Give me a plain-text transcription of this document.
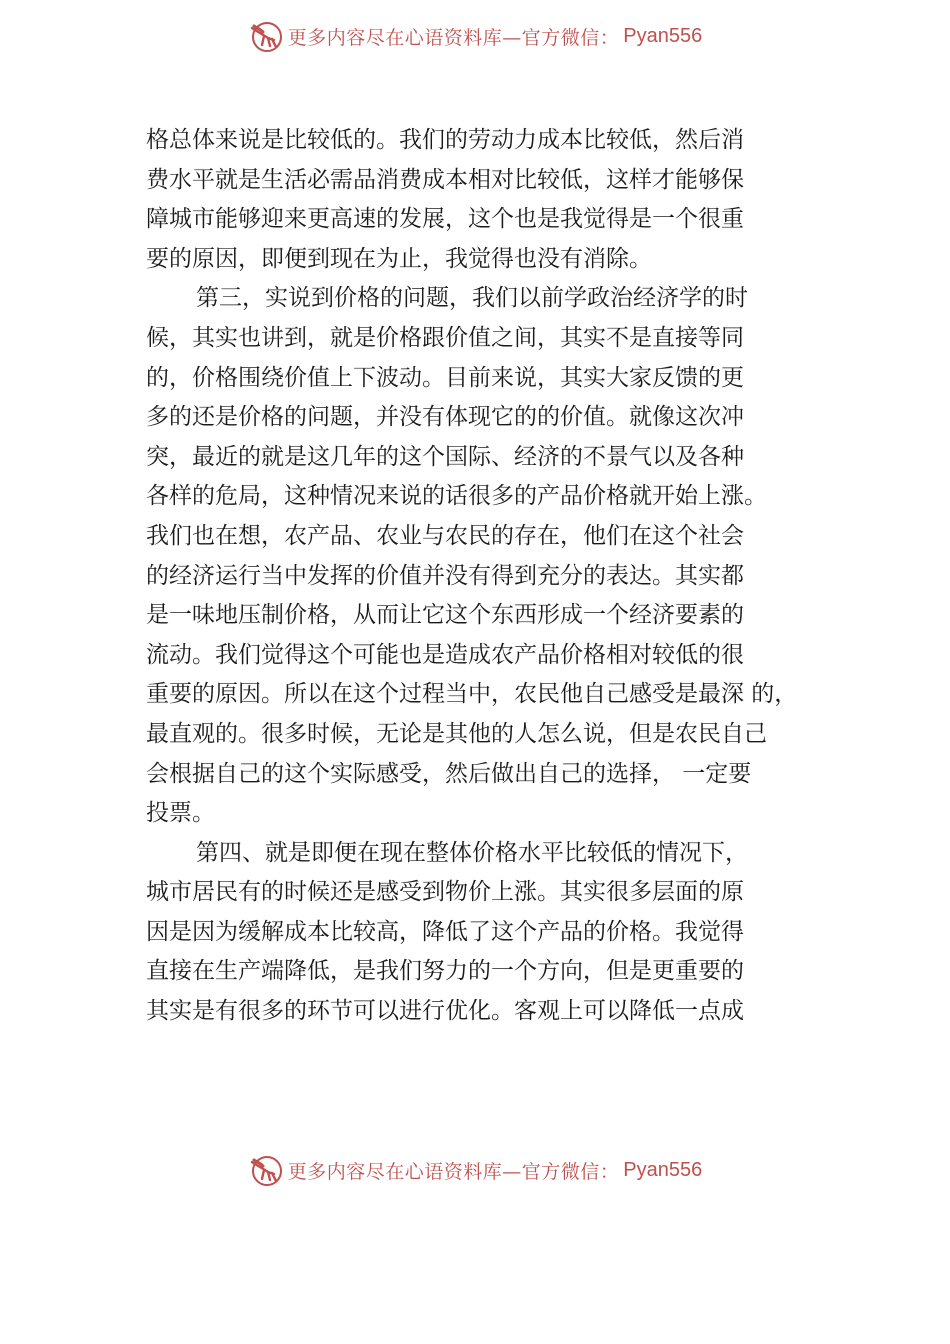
更多内容尽在心语资料库—官方微信： Pyan556
格总体来说是比较低的。我们的劳动力成本比较低，然后消
费水平就是生活必需品消费成本相对比较低，这样才能够保
障城市能够迎来更高速的发展，这个也是我觉得是一个很重
要的原因，即便到现在为止，我觉得也没有消除。
第三，实说到价格的问题，我们以前学政治经济学的时
候，其实也讲到，就是价格跟价值之间，其实不是直接等同
的，价格围绕价值上下波动。目前来说，其实大家反馈的更
多的还是价格的问题，并没有体现它的的价值。就像这次冲
突，最近的就是这几年的这个国际、经济的不景气以及各种
各样的危局，这种情况来说的话很多的产品价格就开始上涨。
我们也在想，农产品、农业与农民的存在，他们在这个社会
的经济运行当中发挥的价值并没有得到充分的表达。其实都
是一味地压制价格，从而让它这个东西形成一个经济要素的
流动。我们觉得这个可能也是造成农产品价格相对较低的很
重要的原因。所以在这个过程当中，农民他自己感受是最深 的，
最直观的。很多时候，无论是其他的人怎么说，但是农民自己
会根据自己的这个实际感受，然后做出自己的选择， 一定要
投票。
第四、就是即便在现在整体价格水平比较低的情况下，
城市居民有的时候还是感受到物价上涨。其实很多层面的原
因是因为缓解成本比较高，降低了这个产品的价格。我觉得
直接在生产端降低，是我们努力的一个方向，但是更重要的
其实是有很多的环节可以进行优化。客观上可以降低一点成
更多内容尽在心语资料库—官方微信： Pyan556
